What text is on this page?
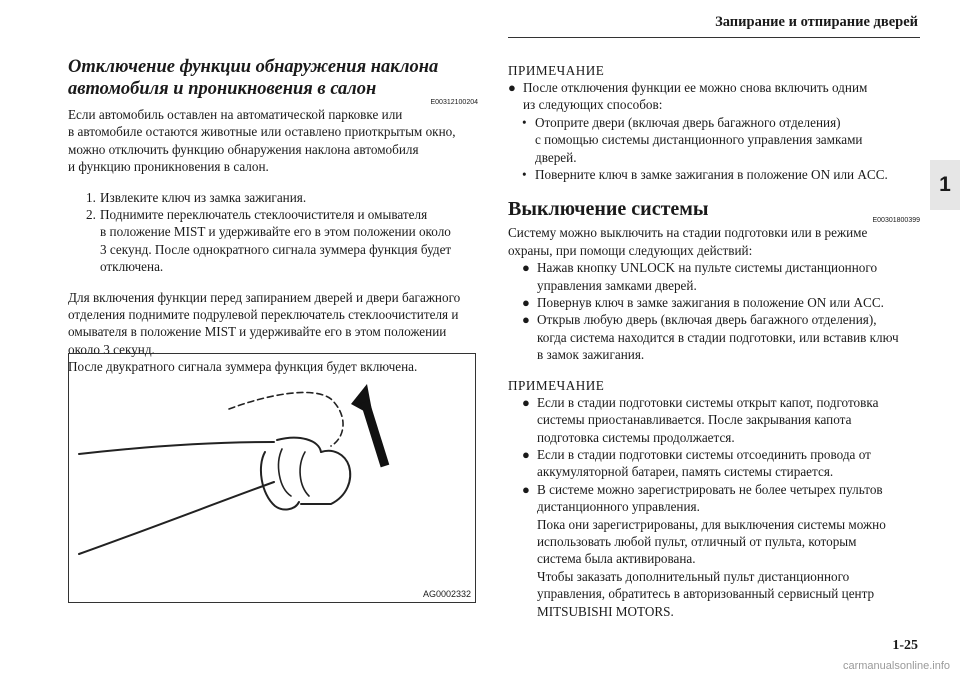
Запирание и отпирание дверей
1
Отключение функции обнаружения наклона
автомобиля и проникновения в салон
E00312100204

Если автомобиль оставлен на автоматической парковке или

в автомобиле остаются животные или оставлено приоткрытым окно,

можно отключить функцию обнаружения наклона автомобиля

и функцию проникновения в салон.

1. Извлеките ключ из замка зажигания.
2. Поднимите переключатель стеклоочистителя и омывателя
в положение MIST и удерживайте его в этом положении около
3 секунд. После однократного сигнала зуммера функция будет
отключена.

Для включения функции перед запиранием дверей и двери багажного

отделения поднимите подрулевой переключатель стеклоочистителя и

омывателя в положение MIST и удерживайте его в этом положении

около 3 секунд.

После двукратного сигнала зуммера функция будет включена.

AG0002332
ПРИМЕЧАНИЕ
● После отключения функции ее можно снова включить одним
из следующих способов:
• Отоприте двери (включая дверь багажного отделения)
с помощью системы дистанционного управления замками
дверей.
• Поверните ключ в замке зажигания в положение ON или ACC.
Выключение системы
E00301800399

Систему можно выключить на стадии подготовки или в режиме

охраны, при помощи следующих действий:

● Нажав кнопку UNLOCK на пульте системы дистанционного
управления замками дверей.
● Повернув ключ в замке зажигания в положение ON или ACC.
● Открыв любую дверь (включая дверь багажного отделения),
когда система находится в стадии подготовки, или вставив ключ
в замок зажигания.
ПРИМЕЧАНИЕ
● Если в стадии подготовки системы открыт капот, подготовка
системы приостанавливается. После закрывания капота
подготовка системы продолжается.
● Если в стадии подготовки системы отсоединить провода от
аккумуляторной батареи, память системы стирается.
● В системе можно зарегистрировать не более четырех пультов
дистанционного управления.
Пока они зарегистрированы, для выключения системы можно
использовать любой пульт, отличный от пульта, которым
система была активирована.
Чтобы заказать дополнительный пульт дистанционного
управления, обратитесь в авторизованный сервисный центр
MITSUBISHI MOTORS.
1-25
carmanualsonline.info
